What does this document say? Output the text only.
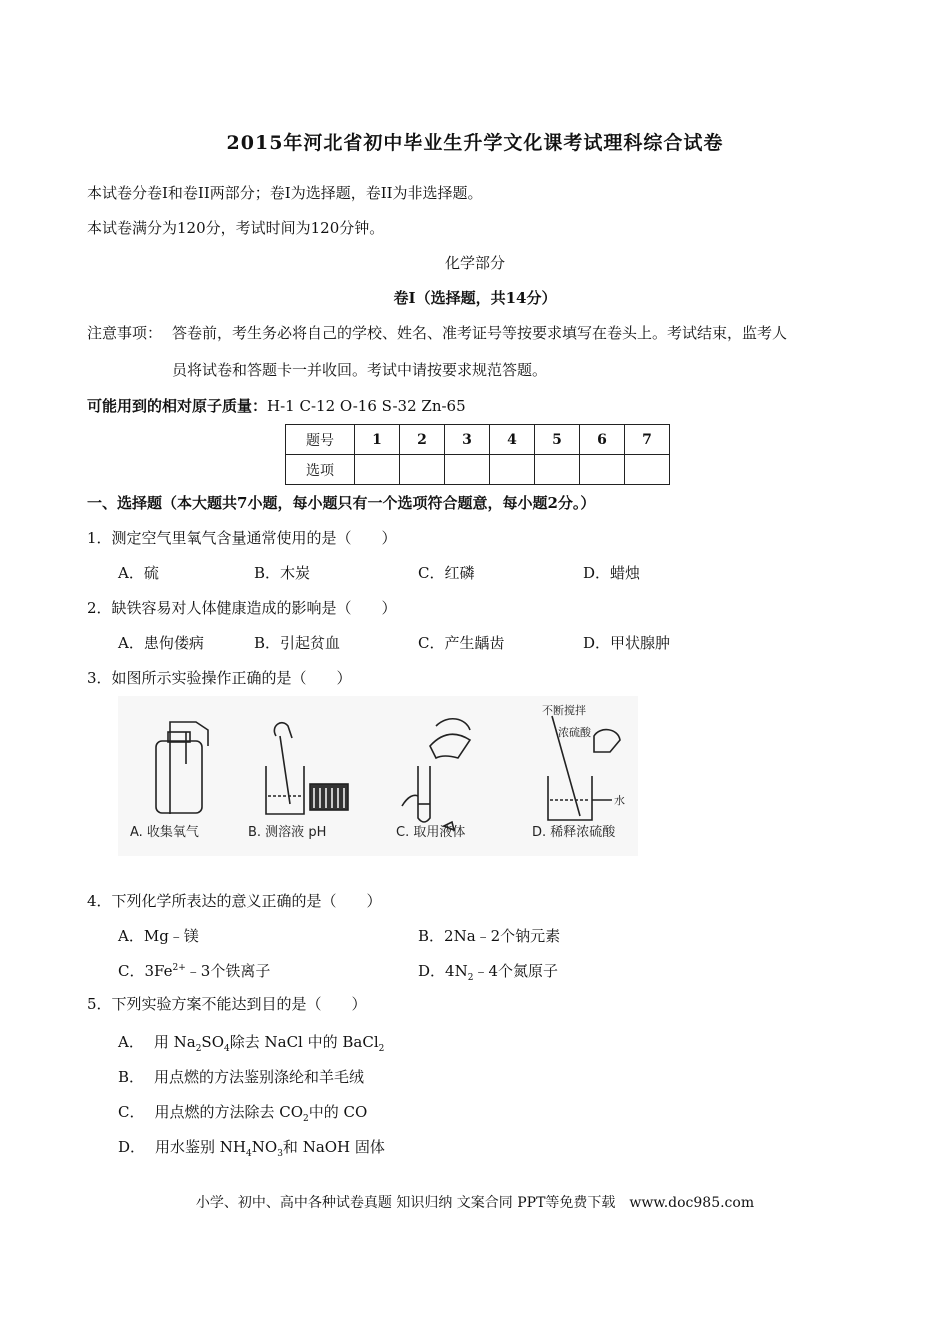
2015年河北省初中毕业生升学文化课考试理科综合试卷
本试卷分卷I和卷II两部分；卷I为选择题，卷II为非选择题。
本试卷满分为120分，考试时间为120分钟。
化学部分
卷I（选择题，共14分）
注意事项： 答卷前，考生务必将自己的学校、姓名、准考证号等按要求填写在卷头上。考试结束，监考人
员将试卷和答题卡一并收回。考试中请按要求规范答题。
可能用到的相对原子质量：H-1 C-12 O-16 S-32 Zn-65
题号	1	2	3	4	5	6	7
选项							
一、选择题（本大题共7小题，每小题只有一个选项符合题意，每小题2分。）
1．测定空气里氧气含量通常使用的是（　　）
A．硫	B．木炭	C．红磷	D．蜡烛
2．缺铁容易对人体健康造成的影响是（　　）
A．患佝偻病	B．引起贫血	C．产生龋齿	D．甲状腺肿
3．如图所示实验操作正确的是（　　）
不断搅拌
浓硫酸
水
A. 收集氧气	B. 测溶液 pH	C. 取用液体	D. 稀释浓硫酸
4．下列化学所表达的意义正确的是（　　）
A．Mg﹣镁	B．2Na﹣2个钠元素
C．$3Fe^{2+}﹣3$个铁离子	D．$4N_2﹣4$个氮原子
5．下列实验方案不能达到目的是（　　）
A． 用 $Na_2SO_4$除去 NaCl 中的 BaCl$_2$
B． 用点燃的方法鉴别涤纶和羊毛绒
C． 用点燃的方法除去 $CO_2$中的 CO
D． 用水鉴别 $NH_4NO_3$和 NaOH 固体
小学、初中、高中各种试卷真题 知识归纳 文案合同 PPT等免费下载　www.doc985.com
